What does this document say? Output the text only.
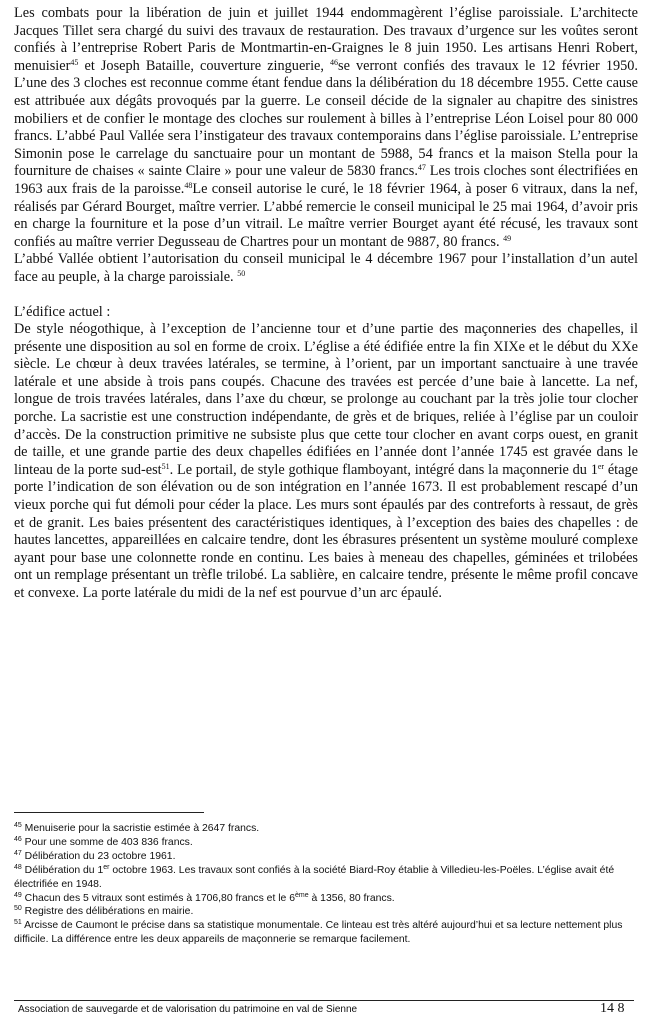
Les combats pour la libération de juin et juillet 1944 endommagèrent l’église paroissiale. L’architecte Jacques Tillet sera chargé du suivi des travaux de restauration. Des travaux d’urgence sur les voûtes seront confiés à l’entreprise Robert Paris de Montmartin-en-Graignes le 8 juin 1950. Les artisans Henri Robert, menuisier$^{45}$ et Joseph Bataille, couverture zinguerie, $^{46}$se verront confiés des travaux le 12 février 1950. L’une des 3 cloches est reconnue comme étant fendue dans la délibération du 18 décembre 1955. Cette cause est attribuée aux dégâts provoqués par la guerre. Le conseil décide de la signaler au chapitre des sinistres mobiliers et de confier le montage des cloches sur roulement à billes à l’entreprise Léon Loisel pour 80 000 francs. L’abbé Paul Vallée sera l’instigateur des travaux contemporains dans l’église paroissiale. L’entreprise Simonin pose le carrelage du sanctuaire pour un montant de 5988, 54 francs et la maison Stella pour la fourniture de chaises « sainte Claire » pour une valeur de 5830 francs.$^{47}$ Les trois cloches sont électrifiées en 1963 aux frais de la paroisse.$^{48}$Le conseil autorise le curé, le 18 février 1964, à poser 6 vitraux, dans la nef, réalisés par Gérard Bourget, maître verrier. L’abbé remercie le conseil municipal le 25 mai 1964, d’avoir pris en charge la fourniture et la pose d’un vitrail. Le maître verrier Bourget ayant été récusé, les travaux sont confiés au maître verrier Degusseau de Chartres pour un montant de 9887, 80 francs. $^{49}$

L’abbé Vallée obtient l’autorisation du conseil municipal le 4 décembre 1967 pour l’installation d’un autel face au peuple, à la charge paroissiale. $^{50}$

L’édifice actuel :

De style néogothique, à l’exception de l’ancienne tour et d’une partie des maçonneries des chapelles, il présente une disposition au sol en forme de croix. L’église a été édifiée entre la fin XIXe et le début du XXe siècle. Le chœur à deux travées latérales, se termine, à l’orient, par un important sanctuaire à une travée latérale et une abside à trois pans coupés. Chacune des travées est percée d’une baie à lancette. La nef, longue de trois travées latérales, dans l’axe du chœur, se prolonge au couchant par la très jolie tour clocher porche. La sacristie est une construction indépendante, de grès et de briques, reliée à l’église par un couloir d’accès. De la construction primitive ne subsiste plus que cette tour clocher en avant corps ouest, en granit de taille, et une grande partie des deux chapelles édifiées en l’année dont l’année 1745 est gravée dans le linteau de la porte sud-est$^{51}$. Le portail, de style gothique flamboyant, intégré dans la maçonnerie du 1er étage porte l’indication de son élévation ou de son intégration en l’année 1673. Il est probablement rescapé d’un vieux porche qui fut démoli pour céder la place. Les murs sont épaulés par des contreforts à ressaut, de grès et de granit. Les baies présentent des caractéristiques identiques, à l’exception des baies des chapelles : de hautes lancettes, appareillées en calcaire tendre, dont les ébrasures présentent un système mouluré complexe ayant pour base une colonnette ronde en continu. Les baies à meneau des chapelles, géminées et trilobées ont un remplage présentant un trèfle trilobé. La sablière, en calcaire tendre, présente le même profil concave et convexe. La porte latérale du midi de la nef est pourvue d’un arc épaulé.

$^{45}$ Menuiserie pour la sacristie estimée à 2647 francs.

$^{46}$ Pour une somme de 403 836 francs.

$^{47}$ Délibération du 23 octobre 1961.

$^{48}$ Délibération du 1er octobre 1963. Les travaux sont confiés à la société Biard-Roy établie à Villedieu-les-Poëles. L’église avait été électrifiée en 1948.

$^{49}$ Chacun des 5 vitraux sont estimés à 1706,80 francs et le 6ème à 1356, 80 francs.

$^{50}$ Registre des délibérations en mairie.

$^{51}$ Arcisse de Caumont le précise dans sa statistique monumentale. Ce linteau est très altéré aujourd’hui et sa lecture nettement plus difficile. La différence entre les deux appareils de maçonnerie se remarque facilement.

Association de sauvegarde et de valorisation du patrimoine en val de Sienne	14 8
